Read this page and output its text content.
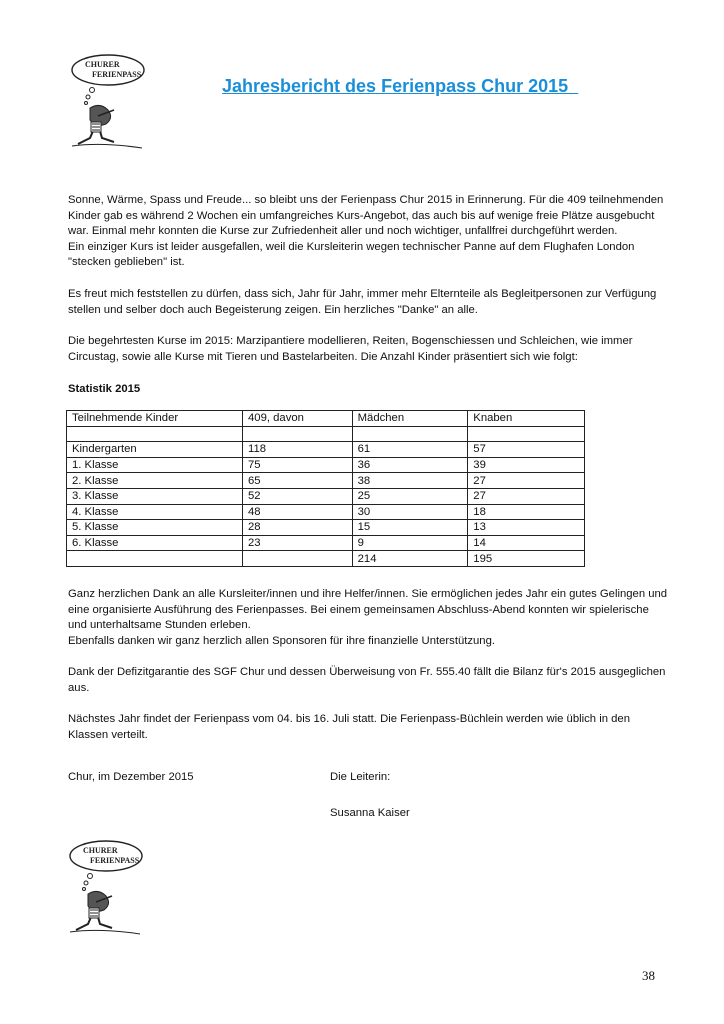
CHURER
FERIENPASS
Jahresbericht des Ferienpass Chur 2015

Sonne, Wärme, Spass und Freude... so bleibt uns der Ferienpass Chur 2015 in Erinnerung. Für die 409 teilnehmenden

Kinder gab es während 2 Wochen ein umfangreiches Kurs-Angebot, das auch bis auf wenige freie Plätze ausgebucht

war. Einmal mehr konnten die Kurse zur Zufriedenheit aller und noch wichtiger, unfallfrei durchgeführt werden.

Ein einziger Kurs ist leider ausgefallen, weil die Kursleiterin wegen technischer Panne auf dem Flughafen London

"stecken geblieben" ist.

Es freut mich feststellen zu dürfen, dass sich, Jahr für Jahr, immer mehr Elternteile als Begleitpersonen zur Verfügung

stellen und selber doch auch Begeisterung zeigen. Ein herzliches "Danke" an alle.

Die begehrtesten Kurse im 2015: Marzipantiere modellieren, Reiten, Bogenschiessen und Schleichen, wie immer

Circustag, sowie alle Kurse mit Tieren und Bastelarbeiten. Die Anzahl Kinder präsentiert sich wie folgt:

Statistik 2015
Teilnehmende Kinder	409, davon	Mädchen	Knaben

Kindergarten	118	61	57
1. Klasse	75	36	39
2. Klasse	65	38	27
3. Klasse	52	25	27
4. Klasse	48	30	18
5. Klasse	28	15	13
6. Klasse	23	9	14
		214	195

Ganz herzlichen Dank an alle Kursleiter/innen und ihre Helfer/innen. Sie ermöglichen jedes Jahr ein gutes Gelingen und

eine organisierte Ausführung des Ferienpasses. Bei einem gemeinsamen Abschluss-Abend konnten wir spielerische

und unterhaltsame Stunden erleben.

Ebenfalls danken wir ganz herzlich allen Sponsoren für ihre finanzielle Unterstützung.

Dank der Defizitgarantie des SGF Chur und dessen Überweisung von Fr. 555.40 fällt die Bilanz für's 2015 ausgeglichen

aus.

Nächstes Jahr findet der Ferienpass vom 04. bis 16. Juli statt. Die Ferienpass-Büchlein werden wie üblich in den

Klassen verteilt.

Chur, im Dezember 2015	Die Leiterin:
Susanna Kaiser
CHURER
FERIENPASS
38
